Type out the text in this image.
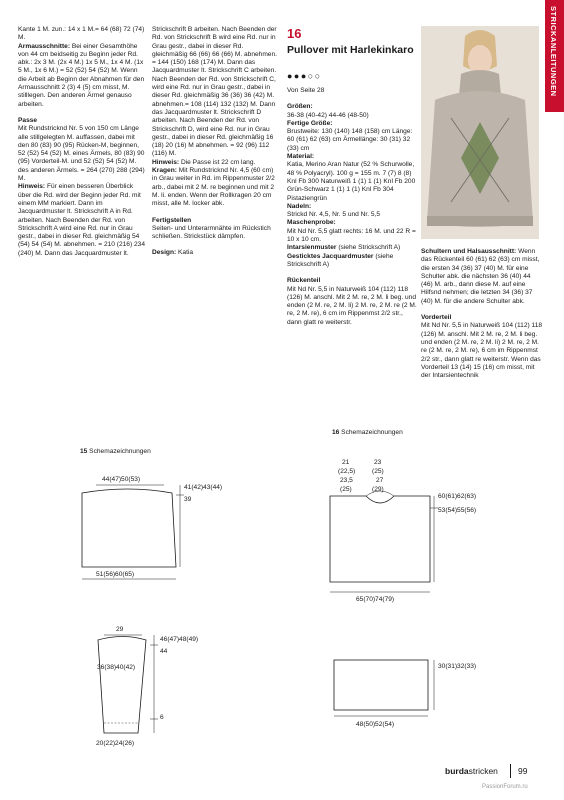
STRICKANLEITUNGEN

Kante 1 M. zun.: 14 x 1 M.= 64 (68) 72 (74) M.

Armausschnitte: Bei einer Gesamthöhe von 44 cm beidseitig zu Beginn jeder Rd. abk.: 2x 3 M. (2x 4 M.) 1x 5 M., 1x 4 M. (1x 5 M., 1x 6 M.) = 52 (52) 54 (52) M. Wenn die Arbeit ab Beginn der Abnahmen für den Armausschnitt 2 (3) 4 (5) cm misst, M. stilllegen. Den anderen Ärmel genauso arbeiten.

Passe

Mit Rundstricknd Nr. 5 von 150 cm Länge alle stillgelegten M. auffassen, dabei mit den 80 (83) 90 (95) Rücken-M, beginnen, 52 (52) 54 (52) M. eines Ärmels, 80 (83) 90 (95) Vorderteil-M. und 52 (52) 54 (52) M. des anderen Ärmels. = 264 (270) 288 (294) M.

Hinweis: Für einen besseren Überblick über die Rd. wird der Beginn jeder Rd. mit einem MM markiert. Dann im Jacquardmuster lt. Strickschrift A in Rd. arbeiten. Nach Beenden der Rd. von Strickschrift A wird eine Rd. nur in Grau gestr., dabei in dieser Rd. gleichmäßig 54 (54) 54 (54) M. abnehmen. = 210 (216) 234 (240) M. Dann das Jacquardmuster lt.

Strickschrift B arbeiten. Nach Beenden der Rd. von Strickschrift B wird eine Rd. nur in Grau gestr., dabei in dieser Rd. gleichmäßig 66 (66) 66 (66) M. abnehmen. = 144 (150) 168 (174) M. Dann das Jacquardmuster lt. Strickschrift C arbeiten. Nach Beenden der Rd. von Strickschrift C, wird eine Rd. nur in Grau gestr., dabei in dieser Rd. gleichmäßig 36 (36) 36 (42) M. abnehmen.= 108 (114) 132 (132) M. Dann das Jacquardmuster lt. Strickschrift D arbeiten. Nach Beenden der Rd. von Strickschrift D, wird eine Rd. nur in Grau gestr., dabei in dieser Rd. gleichmäßig 16 (18) 20 (16) M abnehmen. = 92 (96) 112 (116) M.

Hinweis: Die Passe ist 22 cm lang.

Kragen: Mit Rundstricknd Nr. 4,5 (60 cm) in Grau weiter in Rd. im Rippenmuster 2/2 arb., dabei mit 2 M. re beginnen und mit 2 M. li. enden. Wenn der Rollkragen 20 cm misst, alle M. locker abk.

Fertigstellen

Seiten- und Unterarmnähte im Rückstich schließen. Strickstück dämpfen.

Design: Katia

16
Pullover mit Harlekinkaro
●●●○○

Von Seite 28

Größen:

36-38 (40-42) 44-46 (48-50)

Fertige Größe:

Brustweite: 130 (140) 148 (158) cm Länge: 60 (61) 62 (63) cm Ärmellänge: 30 (31) 32 (33) cm

Material:

Katia, Merino Aran Natur (52 % Schurwolle, 48 % Polyacryl). 100 g = 155 m. 7 (7) 8 (8) Knl Fb 300 Naturweiß 1 (1) 1 (1) Knl Fb 200 Grün-Schwarz 1 (1) 1 (1) Knl Fb 304 Pistaziengrün

Nadeln:

Strickd Nr. 4,5, Nr. 5 und Nr. 5,5

Maschenprobe:

Mit Nd Nr. 5,5 glatt rechts: 16 M. und 22 R = 10 x 10 cm.

Intarsienmuster (siehe Strickschrift A)

Gesticktes Jacquardmuster (siehe Strickschrift A)

Rückenteil

Mit Nd Nr. 5,5 in Naturweiß 104 (112) 118 (126) M. anschl. Mit 2 M. re, 2 M. li beg. und enden (2 M. re, 2 M. li) 2 M. re, 2 M. re (2 M. re, 2 M. re), 6 cm im Rippenmst 2/2 str., dann glatt re weiterstr.

Schultern und Halsausschnitt: Wenn das Rückenteil 60 (61) 62 (63) cm misst, die ersten 34 (36) 37 (40) M. für eine Schulter abk. die nächsten 36 (40) 44 (46) M. arb., dann diese M. auf eine Hilfsnd nehmen; die letzten 34 (36) 37 (40) M. für die andere Schulter abk.

Vorderteil

Mit Nd Nr. 5,5 in Naturweiß 104 (112) 118 (126) M. anschl. Mit 2 M. re, 2 M. li beg. und enden (2 M. re, 2 M. li) 2 M. re, 2 M. re (2 M. re, 2 M. re), 6 cm im Rippenmst 2/2 str., dann glatt re weiterstr. Wenn das Vorderteil 13 (14) 15 (16) cm misst, mit der Intarsientechnik

15 Schemazeichnungen
44(47)50(53)
41(42)43(44)
39
51(56)60(65)
29
36(38)40(42)
46(47)48(49)
44
6
20(22)24(26)
16 Schemazeichnungen
21
(22,5)
23,5
(25)
23
(25)
27
(29)
60(61)62(63)
53(54)55(56)
65(70)74(79)
30(31)32(33)
48(50)52(54)
burdastricken 99
PassionForum.ru
